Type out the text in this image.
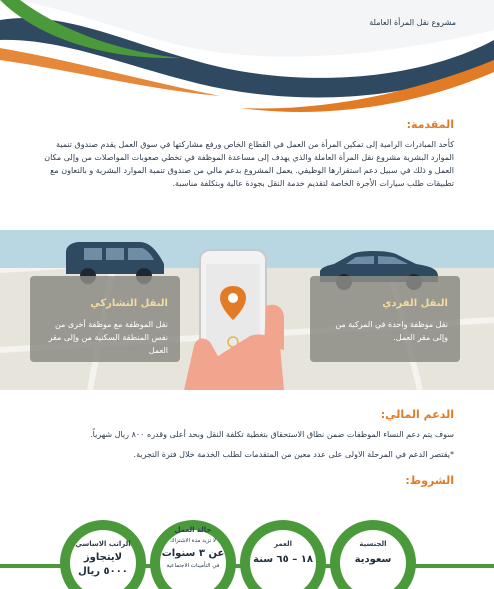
مشروع نقل المرأة العاملة
المقدمة:
كأحد المبادرات الرامية إلى تمكين المرأة من العمل في القطاع الخاص ورفع مشاركتها في سوق العمل يقدم صندوق تنمية الموارد البشرية مشروع نقل المرأة العاملة والذي يهدف إلى مساعدة الموظفة في تخطي صعوبات المواصلات من وإلى مكان العمل و ذلك في سبيل دعم استقرارها الوظيفي. يعمل المشروع بدعم مالي من صندوق تنمية الموارد البشرية و بالتعاون مع تطبيقات طلب سيارات الأجرة الخاصة لتقديم خدمة النقل بجودة عالية وبتكلفة مناسبة.
النقل التشاركي
نقل الموظفة مع موظفة أخرى من نفس المنطقة السكنية من وإلى مقر العمل
النقل الفردي
نقل موظفة واحدة في المركبة من وإلى مقر العمل.
الدعم المالي:
سوف يتم دعم النساء الموظفات ضمن نطاق الاستحقاق بتغطية تكلفة النقل وبحد أعلى وقدره ٨٠٠ ريال شهرياً.
*يقتصر الدعم في المرحلة الاولى على عدد معين من المتقدمات لطلب الخدمة خلال فترة التجربة.
الشروط:
الجنسية
سعودية
العمر
١٨ – ٦٥ سنة
حالة العمل
لا تزيد مدة الاشتراك
عن ٣ سنوات
في التأمينات الاجتماعية
الراتب الاساسي
لايتجاوز
٥٠٠٠ ريال
